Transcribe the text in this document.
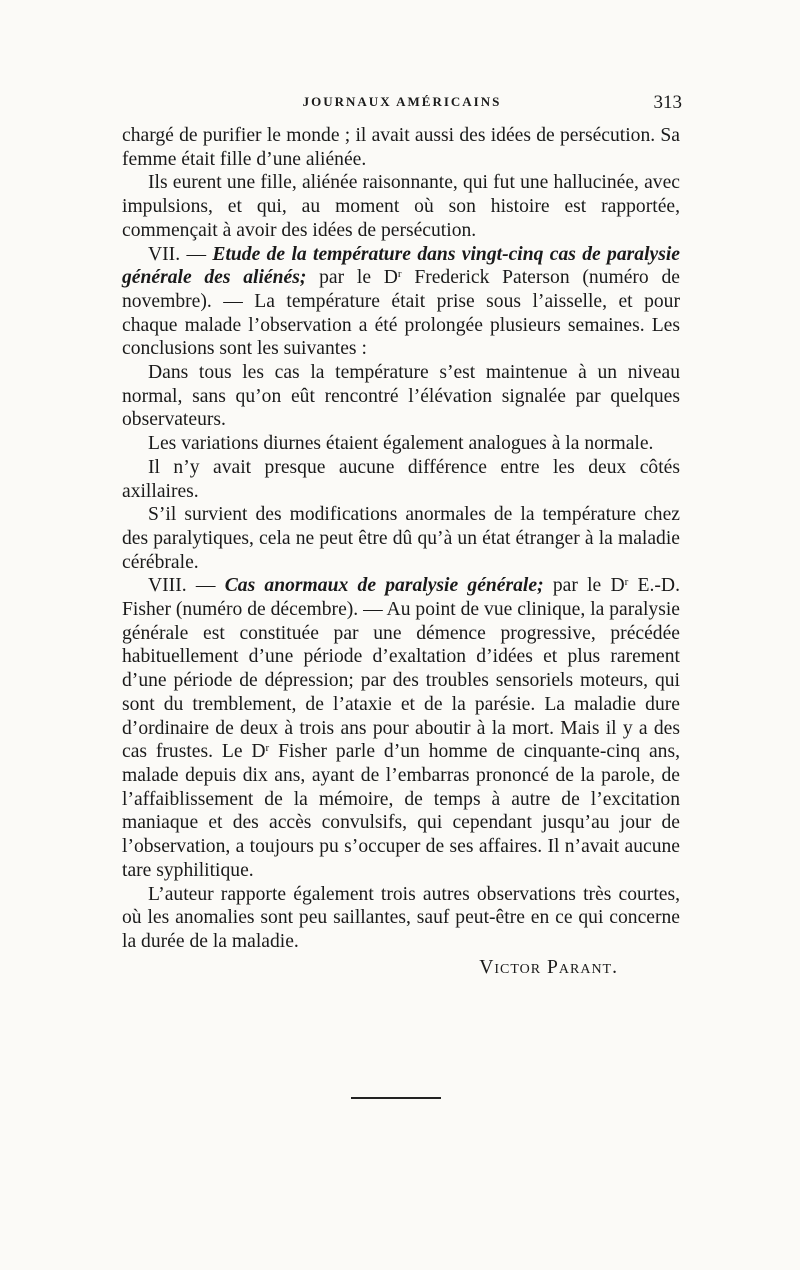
JOURNAUX AMÉRICAINS	313

chargé de purifier le monde ; il avait aussi des idées de persécution. Sa femme était fille d’une aliénée.

Ils eurent une fille, aliénée raisonnante, qui fut une hallucinée, avec impulsions, et qui, au moment où son histoire est rapportée, commençait à avoir des idées de persécution.

VII. — Etude de la température dans vingt-cinq cas de paralysie générale des aliénés; par le $D^r$ Frederick Paterson (numéro de novembre). — La température était prise sous l’aisselle, et pour chaque malade l’observation a été prolongée plusieurs semaines. Les conclusions sont les suivantes :

Dans tous les cas la température s’est maintenue à un niveau normal, sans qu’on eût rencontré l’élévation signalée par quelques observateurs.

Les variations diurnes étaient également analogues à la normale.

Il n’y avait presque aucune différence entre les deux côtés axillaires.

S’il survient des modifications anormales de la température chez des paralytiques, cela ne peut être dû qu’à un état étranger à la maladie cérébrale.

VIII. — Cas anormaux de paralysie générale; par le $D^r$ E.-D. Fisher (numéro de décembre). — Au point de vue clinique, la paralysie générale est constituée par une démence progressive, précédée habituellement d’une période d’exaltation d’idées et plus rarement d’une période de dépression; par des troubles sensoriels moteurs, qui sont du tremblement, de l’ataxie et de la parésie. La maladie dure d’ordinaire de deux à trois ans pour aboutir à la mort. Mais il y a des cas frustes. Le $D^r$ Fisher parle d’un homme de cinquante-cinq ans, malade depuis dix ans, ayant de l’embarras prononcé de la parole, de l’affaiblissement de la mémoire, de temps à autre de l’excitation maniaque et des accès convulsifs, qui cependant jusqu’au jour de l’observation, a toujours pu s’occuper de ses affaires. Il n’avait aucune tare syphilitique.

L’auteur rapporte également trois autres observations très courtes, où les anomalies sont peu saillantes, sauf peut-être en ce qui concerne la durée de la maladie.

Victor Parant.
